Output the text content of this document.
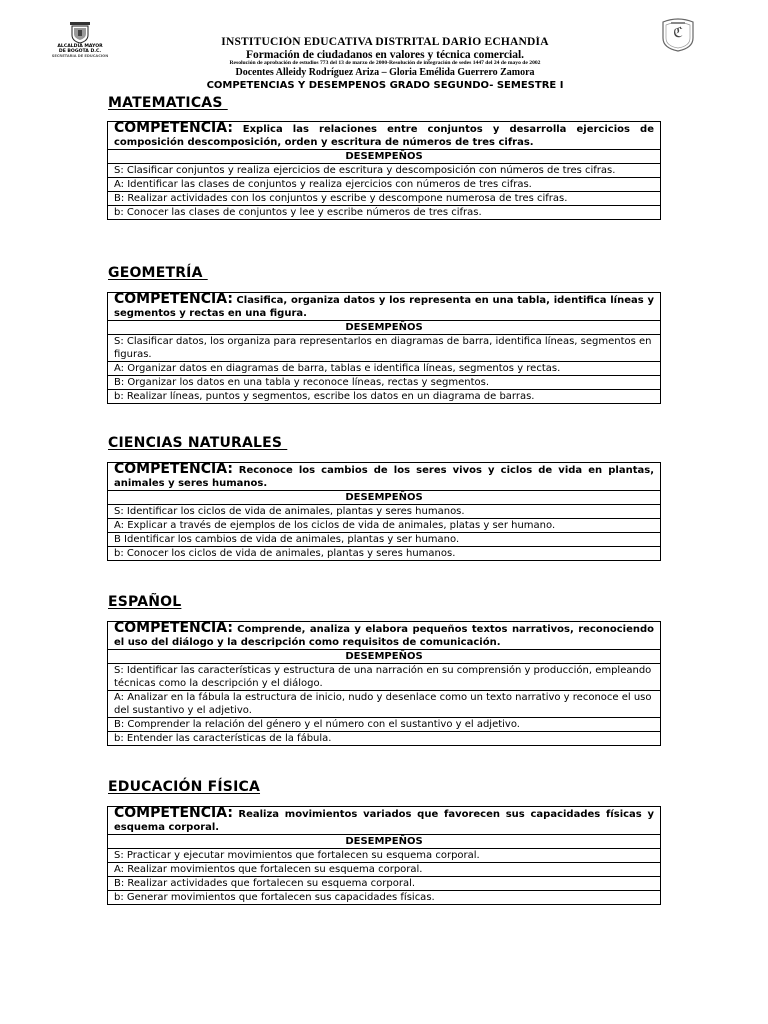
ALCALDIA MAYOR
DE BOGOTA D.C.
SECRETARIA DE EDUCACION
ℭ
INSTITUCIÓN EDUCATIVA DISTRITAL DARÍO ECHANDÍA
Formación de ciudadanos en valores y técnica comercial.
Resolución de aprobación de estudios 773 del 13 de marzo de 2000-Resolución de integración de sedes 1447 del 24 de mayo de 2002
Docentes Alleidy Rodríguez Ariza – Gloria Emélida Guerrero Zamora
COMPETENCIAS Y DESEMPEÑOS GRADO SEGUNDO- SEMESTRE I
MATEMATICAS
COMPETENCIA: Explica las relaciones entre conjuntos y desarrolla ejercicios de composición descomposición, orden y escritura de números de tres cifras.
DESEMPEÑOS
S: Clasificar conjuntos y realiza ejercicios de escritura y descomposición con números de tres cifras.
A: Identificar las clases de conjuntos y realiza ejercicios con números de tres cifras.
B: Realizar actividades con los conjuntos y escribe y descompone numerosa de tres cifras.
b: Conocer las clases de conjuntos y lee y escribe números de tres cifras.
GEOMETRÍA
COMPETENCIA: Clasifica, organiza datos y los representa en una tabla, identifica líneas y segmentos y rectas en una figura.
DESEMPEÑOS
S: Clasificar datos, los organiza para representarlos en diagramas de barra, identifica líneas, segmentos en figuras.
A: Organizar datos en diagramas de barra, tablas e identifica líneas, segmentos y rectas.
B: Organizar los datos en una tabla y reconoce líneas, rectas y segmentos.
b: Realizar líneas, puntos y segmentos, escribe los datos en un diagrama de barras.
CIENCIAS NATURALES
COMPETENCIA: Reconoce los cambios de los seres vivos y ciclos de vida en plantas, animales y seres humanos.
DESEMPEÑOS
S: Identificar los ciclos de vida de animales, plantas y seres humanos.
A: Explicar a través de ejemplos de los ciclos de vida de animales, platas y ser humano.
B Identificar los cambios de vida de animales, plantas y ser humano.
b: Conocer los ciclos de vida de animales, plantas y seres humanos.
ESPAÑOL
COMPETENCIA: Comprende, analiza y elabora pequeños textos narrativos, reconociendo el uso del diálogo y la descripción como requisitos de comunicación.
DESEMPEÑOS
S: Identificar las características y estructura de una narración en su comprensión y producción, empleando técnicas como la descripción y el diálogo.
A: Analizar en la fábula la estructura de inicio, nudo y desenlace como un texto narrativo y reconoce el uso del sustantivo y el adjetivo.
B: Comprender la relación del género y el número con el sustantivo y el adjetivo.
b: Entender las características de la fábula.
EDUCACIÓN FÍSICA
COMPETENCIA: Realiza movimientos variados que favorecen sus capacidades físicas y esquema corporal.
DESEMPEÑOS
S: Practicar y ejecutar movimientos que fortalecen su esquema corporal.
A: Realizar movimientos que fortalecen su esquema corporal.
B: Realizar actividades que fortalecen su esquema corporal.
b: Generar movimientos que fortalecen sus capacidades físicas.
